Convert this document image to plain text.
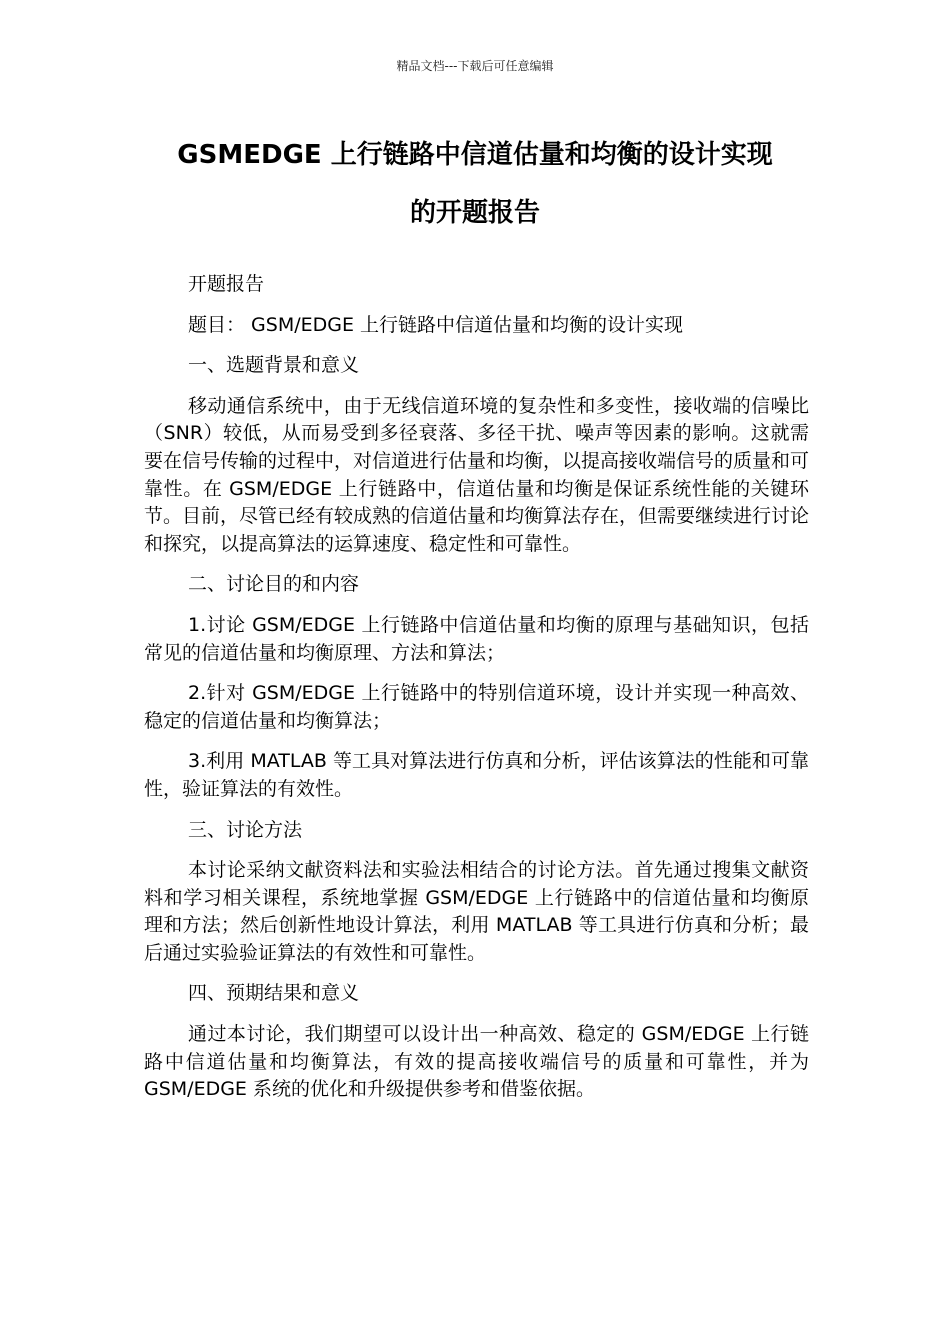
精品文档---下载后可任意编辑
GSMEDGE 上行链路中信道估量和均衡的设计实现
的开题报告

开题报告

题目： GSM/EDGE 上行链路中信道估量和均衡的设计实现

一、选题背景和意义

移动通信系统中，由于无线信道环境的复杂性和多变性，接收端的信噪比（SNR）较低，从而易受到多径衰落、多径干扰、噪声等因素的影响。这就需要在信号传输的过程中，对信道进行估量和均衡，以提高接收端信号的质量和可靠性。在 GSM/EDGE 上行链路中，信道估量和均衡是保证系统性能的关键环节。目前，尽管已经有较成熟的信道估量和均衡算法存在，但需要继续进行讨论和探究，以提高算法的运算速度、稳定性和可靠性。

二、讨论目的和内容

1.讨论 GSM/EDGE 上行链路中信道估量和均衡的原理与基础知识，包括常见的信道估量和均衡原理、方法和算法；

2.针对 GSM/EDGE 上行链路中的特别信道环境，设计并实现一种高效、稳定的信道估量和均衡算法；

3.利用 MATLAB 等工具对算法进行仿真和分析，评估该算法的性能和可靠性，验证算法的有效性。

三、讨论方法

本讨论采纳文献资料法和实验法相结合的讨论方法。首先通过搜集文献资料和学习相关课程，系统地掌握 GSM/EDGE 上行链路中的信道估量和均衡原理和方法；然后创新性地设计算法，利用 MATLAB 等工具进行仿真和分析；最后通过实验验证算法的有效性和可靠性。

四、预期结果和意义

通过本讨论，我们期望可以设计出一种高效、稳定的 GSM/EDGE 上行链路中信道估量和均衡算法，有效的提高接收端信号的质量和可靠性，并为 GSM/EDGE 系统的优化和升级提供参考和借鉴依据。
